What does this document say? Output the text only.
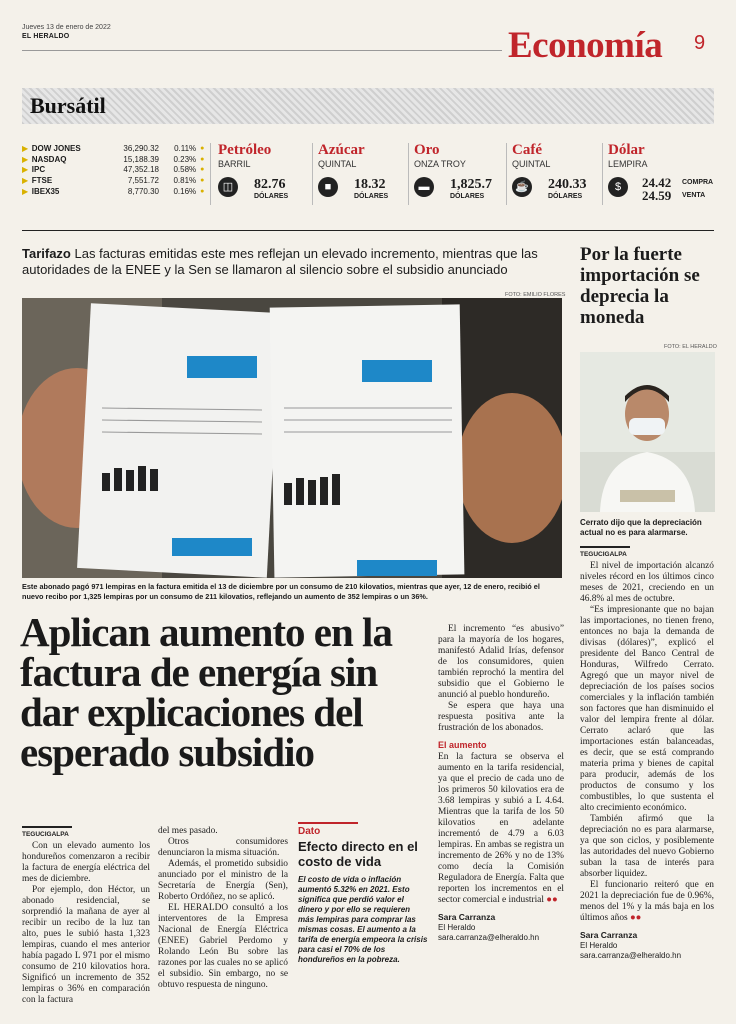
Jueves 13 de enero de 2022
EL HERALDO	Economía 9
Bursátil
▶ DOW JONES	36,290.32	0.11% ●
▶ NASDAQ	15,188.39	0.23% ●
▶ IPC	47,352.18	0.58% ●
▶ FTSE	7,551.72	0.81% ●
▶ IBEX35	8,770.30	0.16% ●
Petróleo
BARRIL
◫	82.76
DÓLARES
Azúcar
QUINTAL
■	18.32
DÓLARES
Oro
ONZA TROY
▬	1,825.7
DÓLARES
Café
QUINTAL
☕ 240.33
DÓLARES
Dólar
LEMPIRA
$	24.42 COMPRA
24.59 VENTA
Tarifazo Las facturas emitidas este mes reflejan un elevado incremento, mientras que las autoridades de la ENEE y la Sen se llamaron al silencio sobre el subsidio anunciado
FOTO: EMILIO FLORES
Este abonado pagó 971 lempiras en la factura emitida el 13 de diciembre por un consumo de 210 kilovatios, mientras que ayer, 12 de enero, recibió el nuevo recibo por 1,325 lempiras por un consumo de 211 kilovatios, reflejando un aumento de 352 lempiras o un 36%.
Aplican aumento en la factura de energía sin dar explicaciones del esperado subsidio
TEGUCIGALPA

Con un elevado aumento los hondureños comenzaron a recibir la factura de energía eléctrica del mes de diciembre.

Por ejemplo, don Héctor, un abonado residencial, se sorprendió la mañana de ayer al recibir un recibo de la luz tan alto, pues le subió hasta 1,323 lempiras, cuando el mes anterior había pagado L 971 por el mismo consumo de 210 kilovatios hora. Significó un incremento de 352 lempiras o 36% en comparación con la factura

del mes pasado.

Otros consumidores denunciaron la misma situación.

Además, el prometido subsidio anunciado por el ministro de la Secretaría de Energía (Sen), Roberto Ordóñez, no se aplicó.

EL HERALDO consultó a los interventores de la Empresa Nacional de Energía Eléctrica (ENEE) Gabriel Perdomo y Rolando León Bu sobre las razones por las cuales no se aplicó el subsidio. Sin embargo, no se obtuvo respuesta de ninguno.

Dato
Efecto directo en el costo de vida
El costo de vida o inflación aumentó 5.32% en 2021. Esto significa que perdió valor el dinero y por ello se requieren más lempiras para comprar las mismas cosas. El aumento a la tarifa de energía empeora la crisis para casi el 70% de los hondureños en la pobreza.

El incremento “es abusivo” para la mayoría de los hogares, manifestó Adalid Irías, defensor de los consumidores, quien también reprochó la mentira del subsidio que el Gobierno le anunció al pueblo hondureño.

Se espera que haya una respuesta positiva ante la frustración de los abonados.

El aumento

En la factura se observa el aumento en la tarifa residencial, ya que el precio de cada uno de los primeros 50 kilovatios era de 3.68 lempiras y subió a L 4.64. Mientras que la tarifa de los 50 kilovatios en adelante incrementó de 4.79 a 6.03 lempiras. En ambas se registra un incremento de 26% y no de 13% como decía la Comisión Reguladora de Energía. Falta que reporten los incrementos en el sector comercial e industrial ●●

Sara Carranza
El Heraldo
sara.carranza@elheraldo.hn
Por la fuerte importación se deprecia la moneda
FOTO: EL HERALDO
Cerrato dijo que la depreciación actual no es para alarmarse.
TEGUCIGALPA

El nivel de importación alcanzó niveles récord en los últimos cinco meses de 2021, creciendo en un 46.8% al mes de octubre.

“Es impresionante que no bajan las importaciones, no tienen freno, entonces no baja la demanda de divisas (dólares)”, explicó el presidente del Banco Central de Honduras, Wilfredo Cerrato. Agregó que un mayor nivel de depreciación de los países socios comerciales y la inflación también son factores que han disminuido el valor del lempira frente al dólar. Cerrato aclaró que las importaciones están balanceadas, es decir, que se está comprando materia prima y bienes de capital para producir, además de los productos de consumo y los combustibles, lo que sustenta el alto crecimiento económico.

También afirmó que la depreciación no es para alarmarse, ya que son ciclos, y posiblemente las autoridades del nuevo Gobierno suban la tasa de interés para absorber liquidez.

El funcionario reiteró que en 2021 la depreciación fue de 0.96%, menos del 1% y la más baja en los últimos años ●●

Sara Carranza
El Heraldo
sara.carranza@elheraldo.hn
